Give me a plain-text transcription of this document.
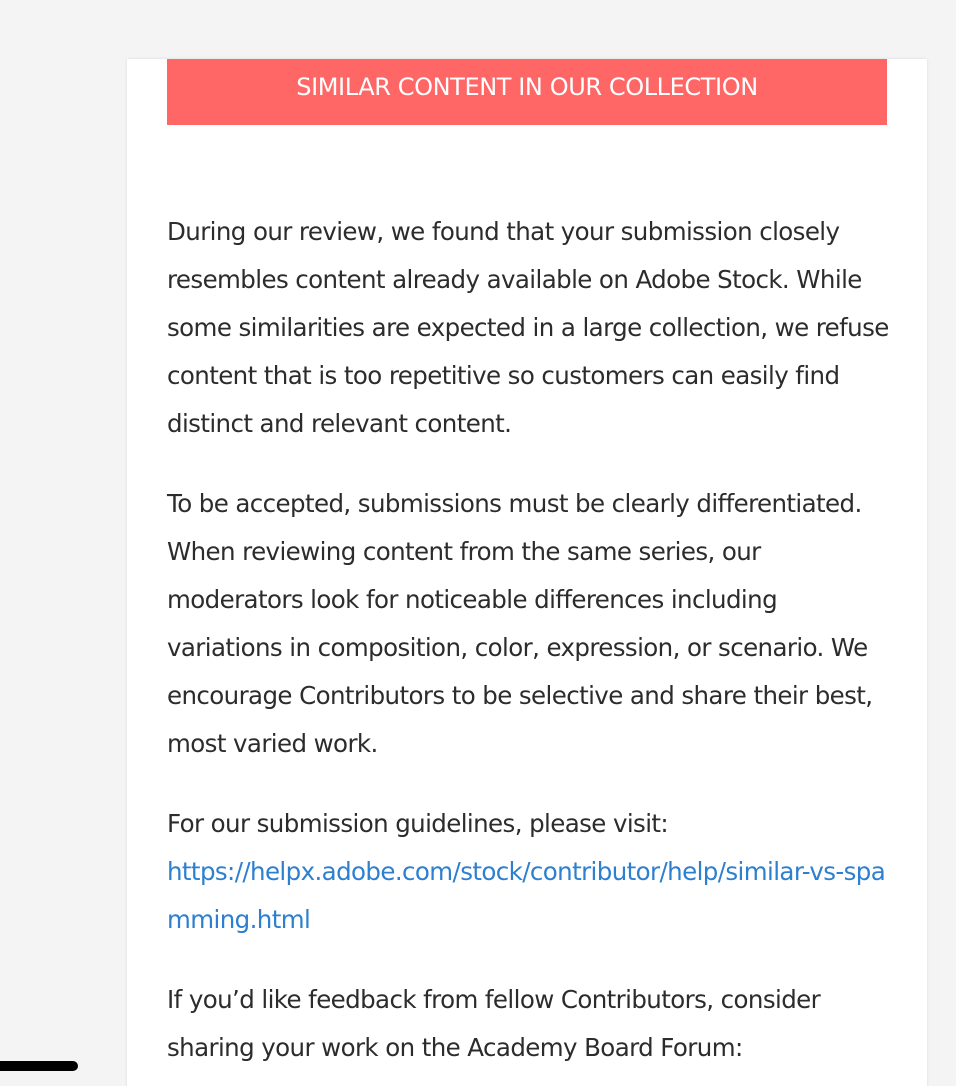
SIMILAR CONTENT IN OUR COLLECTION

During our review, we found that your submission closely resembles content already available on Adobe Stock. While some similarities are expected in a large collection, we refuse content that is too repetitive so customers can easily find distinct and relevant content.

To be accepted, submissions must be clearly differentiated. When reviewing content from the same series, our moderators look for noticeable differences including variations in composition, color, expression, or scenario. We encourage Contributors to be selective and share their best, most varied work.

For our submission guidelines, please visit:
https://helpx.adobe.com/stock/contributor/help/similar-vs-spamming.html

If you’d like feedback from fellow Contributors, consider sharing your work on the Academy Board Forum:
